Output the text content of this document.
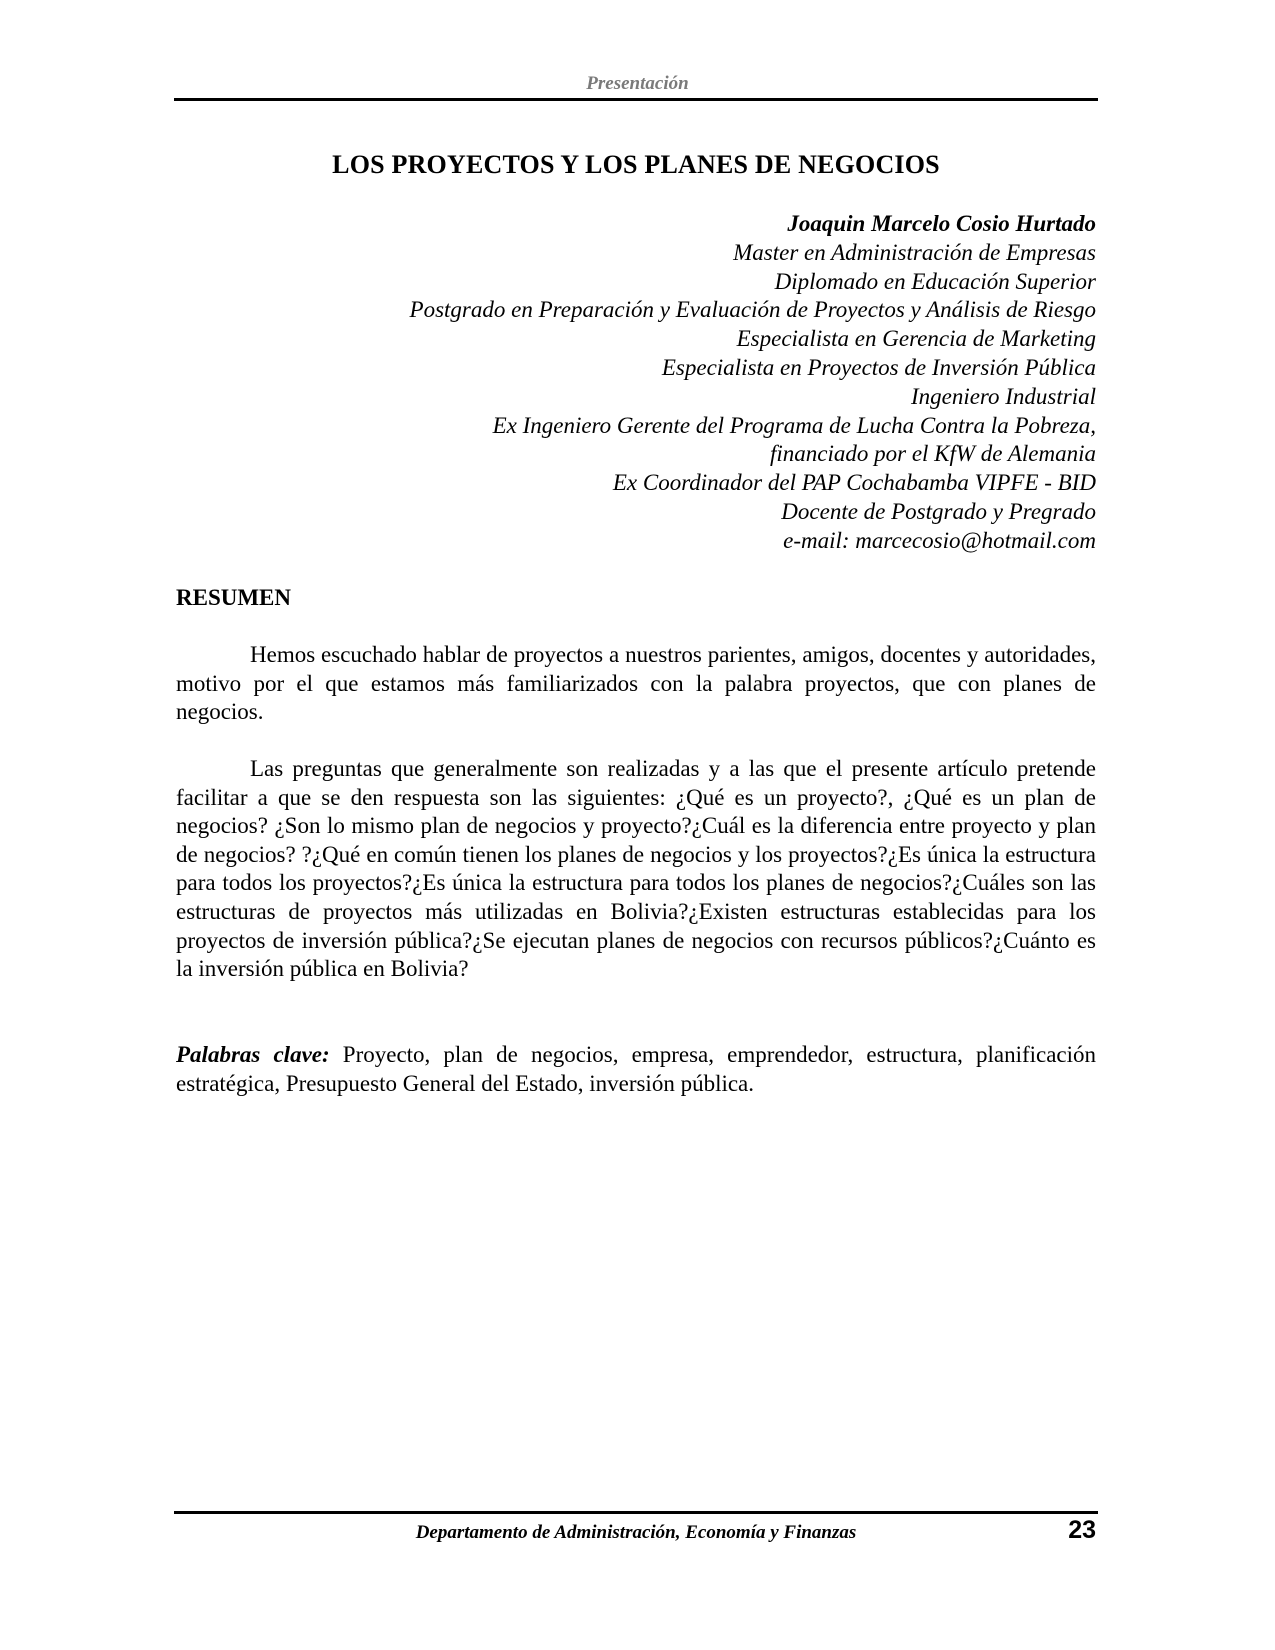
Presentación
LOS PROYECTOS Y LOS PLANES DE NEGOCIOS
Joaquin Marcelo Cosio Hurtado
Master en Administración de Empresas
Diplomado en Educación Superior
Postgrado en Preparación y Evaluación de Proyectos y Análisis de Riesgo
Especialista en Gerencia de Marketing
Especialista en Proyectos de Inversión Pública
Ingeniero Industrial
Ex Ingeniero Gerente del Programa de Lucha Contra la Pobreza,
financiado por el KfW de Alemania
Ex Coordinador del PAP Cochabamba VIPFE - BID
Docente de Postgrado y Pregrado
e-mail: marcecosio@hotmail.com
RESUMEN

Hemos escuchado hablar de proyectos a nuestros parientes, amigos, docentes y autoridades, motivo por el que estamos más familiarizados con la palabra proyectos, que con planes de negocios.

Las preguntas que generalmente son realizadas y a las que el presente artículo pretende facilitar a que se den respuesta son las siguientes: ¿Qué es un proyecto?, ¿Qué es un plan de negocios? ¿Son lo mismo plan de negocios y proyecto?¿Cuál es la diferencia entre proyecto y plan de negocios? ?¿Qué en común tienen los planes de negocios y los proyectos?¿Es única la estructura para todos los proyectos?¿Es única la estructura para todos los planes de negocios?¿Cuáles son las estructuras de proyectos más utilizadas en Bolivia?¿Existen estructuras establecidas para los proyectos de inversión pública?¿Se ejecutan planes de negocios con recursos públicos?¿Cuánto es la inversión pública en Bolivia?

Palabras clave: Proyecto, plan de negocios, empresa, emprendedor, estructura, planificación estratégica, Presupuesto General del Estado, inversión pública.

Departamento de Administración, Economía y Finanzas	23
